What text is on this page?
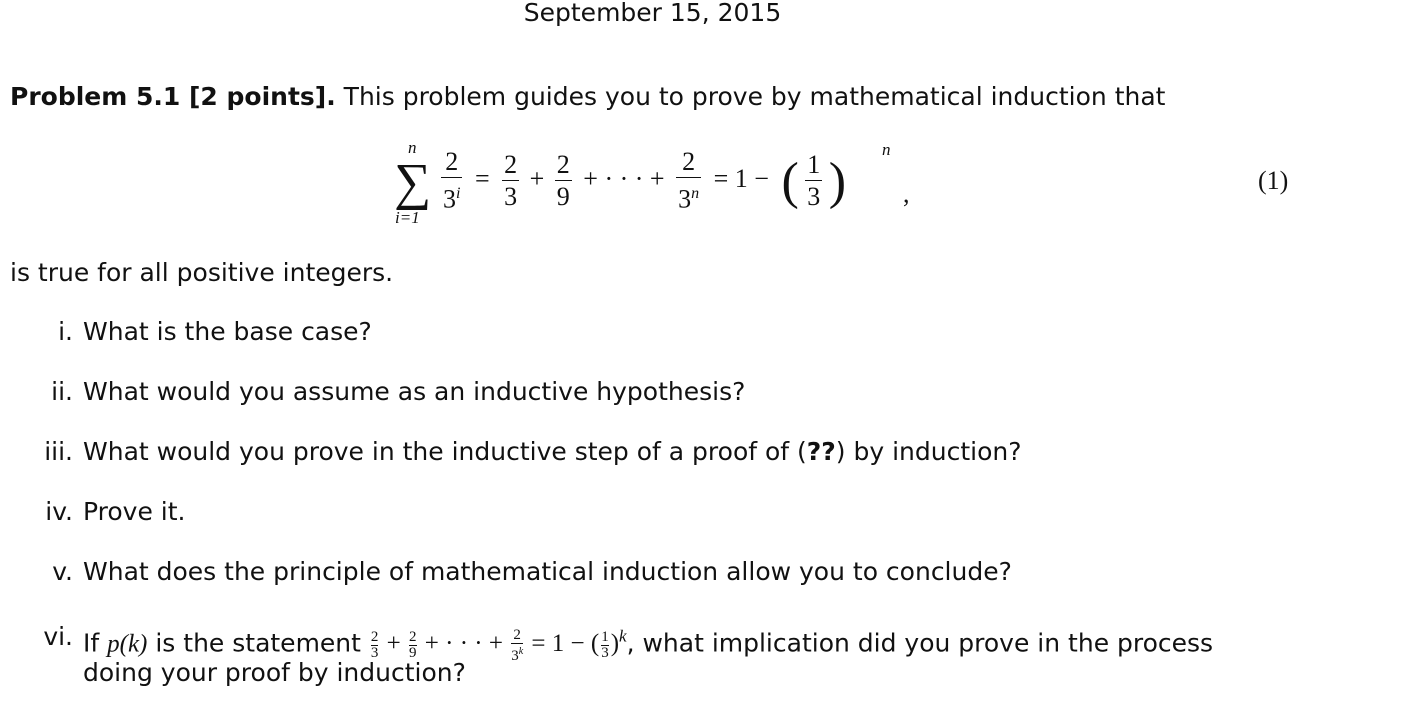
September 15, 2015
Problem 5.1 [2 points]. This problem guides you to prove by mathematical induction that
n
∑
i=1
$\frac{2}{3^i} = \frac{2}{3} + \frac{2}{9}$ + · · · + $\frac{2}{3^n} = 1$ − ( $\frac{1}{3}$ )
n
,	(1)
is true for all positive integers.
i. What is the base case?
ii. What would you assume as an inductive hypothesis?
iii. What would you prove in the inductive step of a proof of (??) by induction?
iv. Prove it.
v. What does the principle of mathematical induction allow you to conclude?
vi. If p(k) is the statement $\frac{2}{3} + \frac{2}{9}$ + · · · + $\frac{2}{3^k} = 1$ − ( $\frac{1}{3} )^k$, what implication did you prove in the process
doing your proof by induction?
